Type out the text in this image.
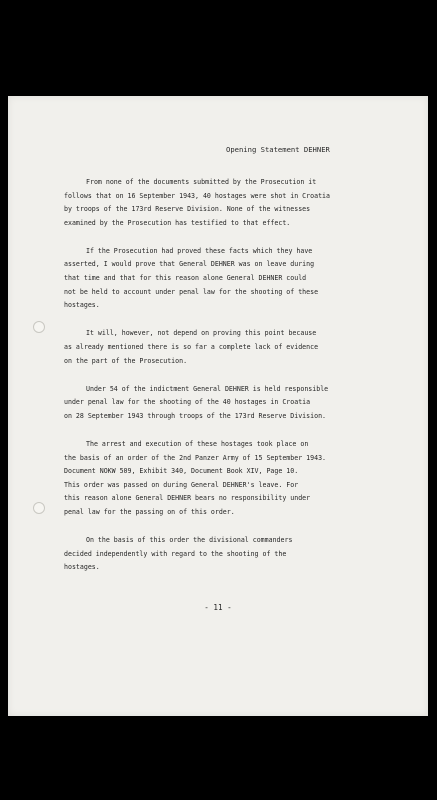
Opening Statement DEHNER
From none of the documents submitted by the Prosecution it
follows that on 16 September 1943, 40 hostages were shot in Croatia
by troops of the 173rd Reserve Division. None of the witnesses
examined by the Prosecution has testified to that effect.
If the Prosecution had proved these facts which they have
asserted, I would prove that General DEHNER was on leave during
that time and that for this reason alone General DEHNER could
not be held to account under penal law for the shooting of these
hostages.
It will, however, not depend on proving this point because
as already mentioned there is so far a complete lack of evidence
on the part of the Prosecution.
Under 54 of the indictment General DEHNER is held responsible
under penal law for the shooting of the 40 hostages in Croatia
on 28 September 1943 through troops of the 173rd Reserve Division.
The arrest and execution of these hostages took place on
the basis of an order of the 2nd Panzer Army of 15 September 1943.
Document NOKW 509, Exhibit 340, Document Book XIV, Page 10.
This order was passed on during General DEHNER's leave. For
this reason alone General DEHNER bears no responsibility under
penal law for the passing on of this order.
On the basis of this order the divisional commanders
decided independently with regard to the shooting of the
hostages.
- 11 -
